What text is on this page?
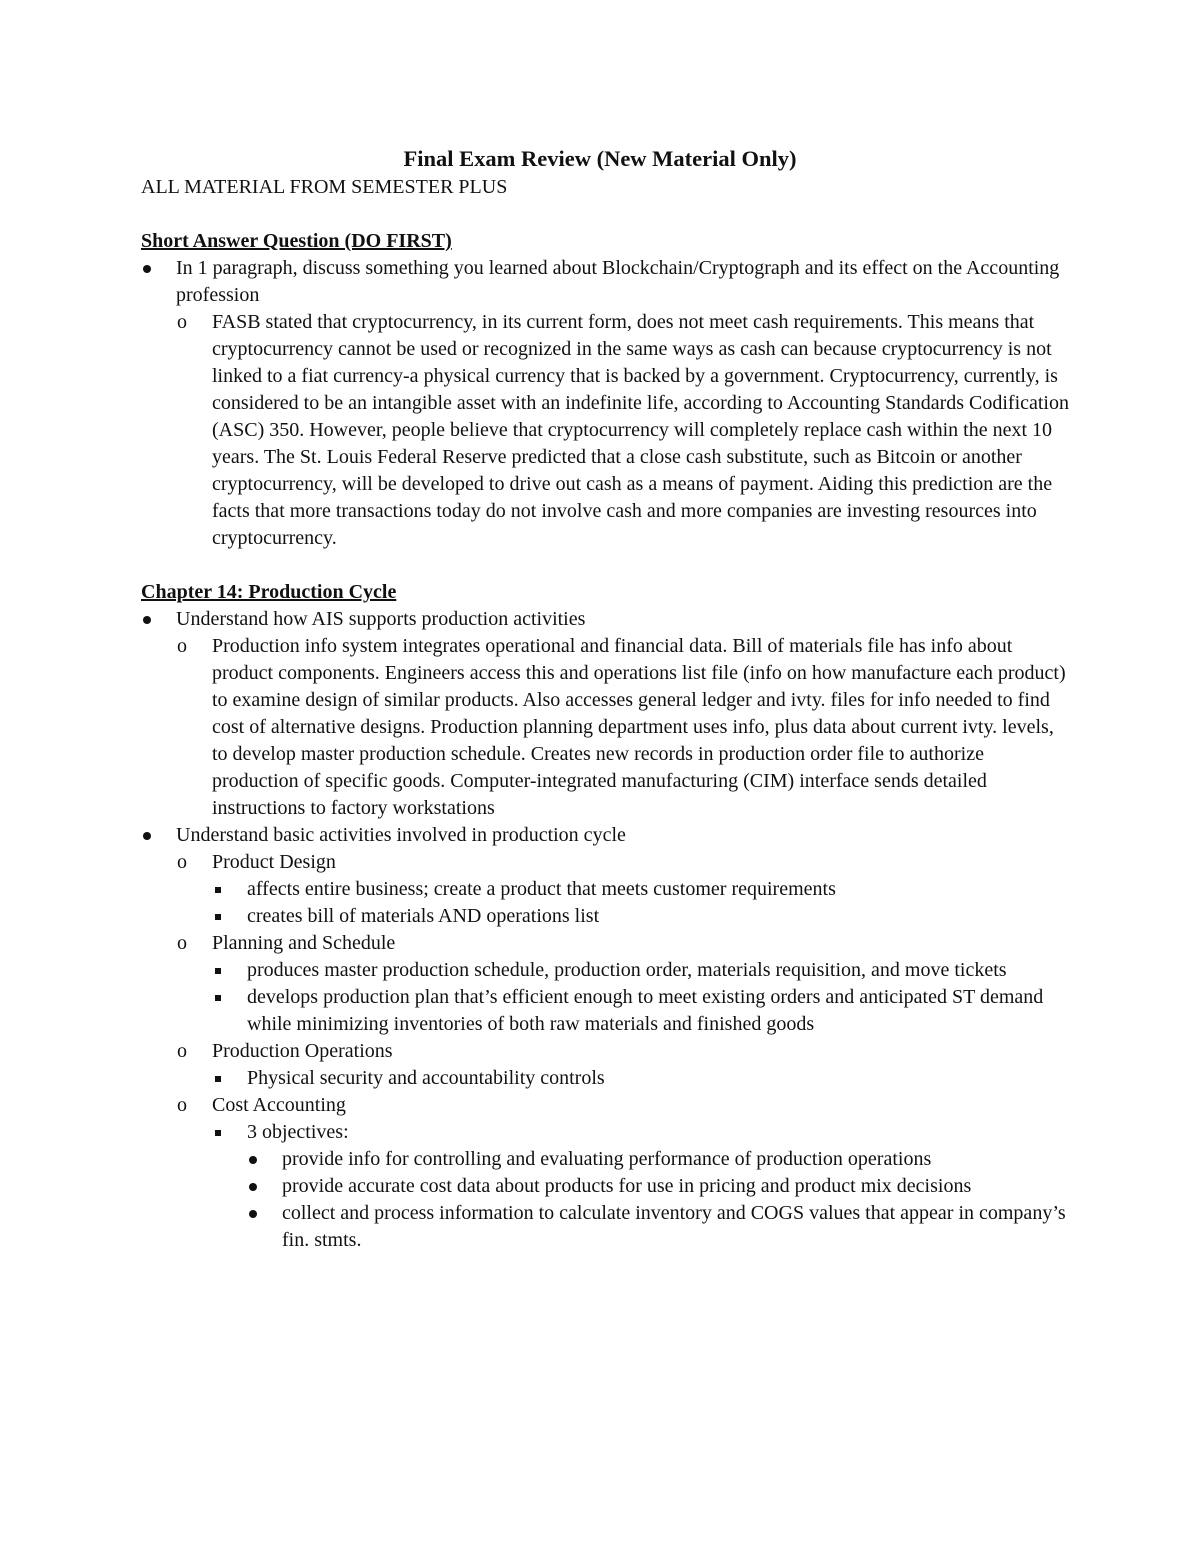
Final Exam Review (New Material Only)
ALL MATERIAL FROM SEMESTER PLUS
Short Answer Question (DO FIRST)
In 1 paragraph, discuss something you learned about Blockchain/Cryptograph and its effect on the Accounting profession
o	FASB stated that cryptocurrency, in its current form, does not meet cash requirements. This means that cryptocurrency cannot be used or recognized in the same ways as cash can because cryptocurrency is not linked to a fiat currency-a physical currency that is backed by a government. Cryptocurrency, currently, is considered to be an intangible asset with an indefinite life, according to Accounting Standards Codification (ASC) 350. However, people believe that cryptocurrency will completely replace cash within the next 10 years. The St. Louis Federal Reserve predicted that a close cash substitute, such as Bitcoin or another cryptocurrency, will be developed to drive out cash as a means of payment. Aiding this prediction are the facts that more transactions today do not involve cash and more companies are investing resources into cryptocurrency.
Chapter 14: Production Cycle
Understand how AIS supports production activities
o	Production info system integrates operational and financial data. Bill of materials file has info about product components. Engineers access this and operations list file (info on how manufacture each product) to examine design of similar products. Also accesses general ledger and ivty. files for info needed to find cost of alternative designs. Production planning department uses info, plus data about current ivty. levels, to develop master production schedule. Creates new records in production order file to authorize production of specific goods. Computer-integrated manufacturing (CIM) interface sends detailed instructions to factory workstations
Understand basic activities involved in production cycle
o	Product Design
affects entire business; create a product that meets customer requirements
creates bill of materials AND operations list
o	Planning and Schedule
produces master production schedule, production order, materials requisition, and move tickets
develops production plan that’s efficient enough to meet existing orders and anticipated ST demand while minimizing inventories of both raw materials and finished goods
o	Production Operations
Physical security and accountability controls
o	Cost Accounting
3 objectives:
provide info for controlling and evaluating performance of production operations
provide accurate cost data about products for use in pricing and product mix decisions
collect and process information to calculate inventory and COGS values that appear in company’s fin. stmts.
